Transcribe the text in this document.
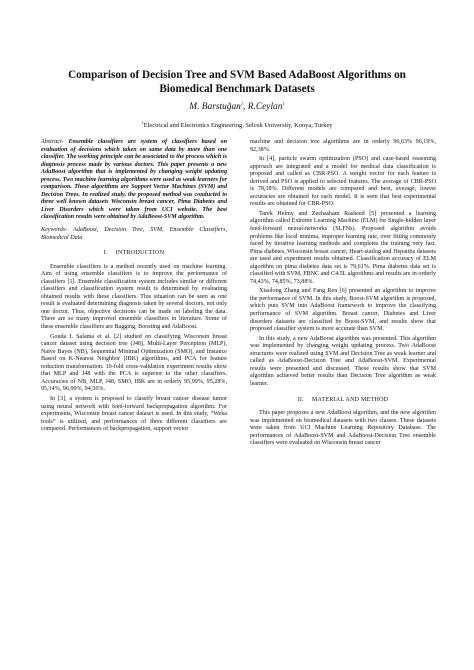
Comparison of Decision Tree and SVM Based AdaBoost Algorithms on
Biomedical Benchmark Datasets
M. Barstuğan$^1$, R.Ceylan$^1$
$^1$Electrical and Electronics Engineering, Selcuk University, Konya, Turkey

Abstract- Ensemble classifiers are system of classifiers based on evaluation of decisions which taken on same data by more than one classifier. The working principle can be associated to the process which is diagnosis process made by various doctors. This paper presents a new AdaBoost algorithm that is implemented by changing weight updating process. Two machine learning algorithms were used as weak learners for comparison. These algorithms are Support Vector Machines (SVM) and Decision Trees. In realized study, the proposed method was conducted to three well known datasets Wisconsin breast cancer, Pima Diabetes and Liver Disorders which were taken from UCI website. The best classification results were obtained by AdaBoost-SVM algorithm.

Keywords- AdaBoost, Decision Tree, SVM, Ensemble Classifiers, Biomedical Data

I. INTRODUCTION

Ensemble classifiers is a method recently used on machine learning. Aim of using ensemble classifiers is to improve the performance of classifiers [1]. Ensemble classification system includes similar or different classifiers and classification system result is determined by evaluating obtained results with these classifiers. This situation can be seen as one result is evaluated determining diagnosis taken by several doctors, not only one doctor. Thus, objective decisions can be made on labeling the data. There are so many improved ensemble classifiers in literature. Some of these ensemble classifiers are Bagging, Boosting and AdaBoost.

Gouda I. Salama et al. [2] studied on classifying Wisconsin breast cancer dataset using decision tree (J48), Multi-Layer Perception (MLP), Naive Bayes (NB), Sequential Minimal Optimization (SMO), and Instance Based on K-Nearest Neighbor (IBK) algorithms, and PCA for feature reduction transformation. 10-fold cross-validation experiment results show that MLP and J48 with the PCA is superior to the other classifiers. Accuracies of NB, MLP, J48, SMO, IBK are in orderly 95,99%, 95,28%, 95,14%, 96,99%, 94,56%.

In [3], a system is proposed to classify breast cancer disease tumor using neural network with feed-forward backpropagation algorithm. For experiments, Wisconsin breast cancer dataset is used. In this study, “Weka tools” is utilized, and performances of three different classifiers are compared. Performances of backpropagation, support vector

machine and decision tree algorithms are in orderly 96,63% 96,19%, 92,38%.

In [4], particle swarm optimization (PSO) and case-based reasoning approach are integrated and a model for medical data classification is proposed and called as CBR-PSO. A weight vector for each feature is derived and PSO is applied to selected features. The average of CBR-PSO is 78,18%. Different models are compared and best, average, lowest accuracies are obtained for each model. It is seen that best experimental results are obtained for CBR-PSO.

Tarek Helmy and Zeehasham Rasheed [5] presented a learning algorithm called Extreme Learning Machine (ELM) for Single-hidden layer feed-forward neural-networks (SLFNs). Proposed algorithm avoids problems like local minima, improper learning rate, over fitting commonly faced by iterative learning methods and completes the training very fast. Pima diabetes, Wisconsin breast cancer, Heart-statlog and Hepatitis datasets are used and experiment results obtained. Classification accuracy of ELM algorithm on pima diabetes data set is 79,61%. Pima diabetes data set is classified with SVM, FBNC and C4.5L algorithms and results are in orderly 74,43%, 74,85%, 73,88%.

Xiaolong Zhang and Fang Ren [6] presented an algorithm to improve the performance of SVM. In this study, Boost-SVM algorithm is proposed, which puts SVM into AdaBoost framework to improve the classifying performance of SVM algorithm. Breast cancer, Diabetes and Liver disorders datasets are classified by Boost-SVM, and results show that proposed classifier system is more accurate than SVM.

In this study, a new AdaBoost algorithm was presented. This algorithm was implemented by changing weight updating process. Two AdaBoost structures were realized using SVM and Decision Tree as weak learner and called as AdaBoost-Decision Tree and AdaBoost-SVM. Experimental results were presented and discussed. These results show that SVM algorithm achieved better results than Decision Tree algorithm as weak learner.

II. MATERIAL AND METHOD

This paper proposes a new AdaBoost algorithm, and the new algorithm was implemented on biomedical datasets with two classes. These datasets were taken from UCI Machine Learning Repository Database. The performances of AdaBoost-SVM and AdaBoost-Decision Tree ensemble classifiers were evaluated on Wisconsin breast cancer
